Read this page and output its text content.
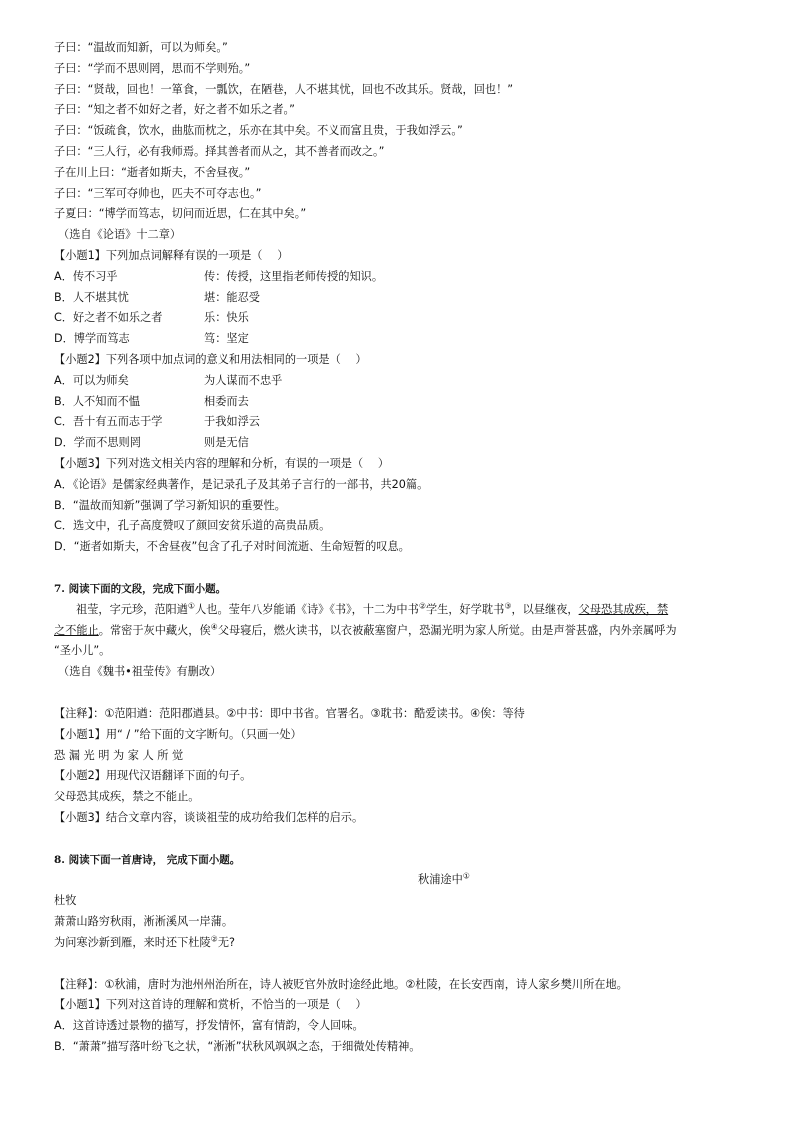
子曰：“温故而知新，可以为师矣。”
子曰：“学而不思则罔，思而不学则殆。”
子曰：“贤哉，回也！一箪食，一瓢饮，在陋巷，人不堪其忧，回也不改其乐。贤哉，回也！”
子曰：“知之者不如好之者，好之者不如乐之者。”
子曰：“饭疏食，饮水，曲肱而枕之，乐亦在其中矣。不义而富且贵，于我如浮云。”
子曰：“三人行，必有我师焉。择其善者而从之，其不善者而改之。”
子在川上曰：“逝者如斯夫，不舍昼夜。”
子曰：“三军可夺帅也，匹夫不可夺志也。”
子夏曰：“博学而笃志，切问而近思，仁在其中矣。”
（选自《论语》十二章）
【小题1】下列加点词解释有误的一项是（　 ）
A．传不习乎	传：传授，这里指老师传授的知识。
B．人不堪其忧	堪：能忍受
C．好之者不如乐之者	乐：快乐
D．博学而笃志	笃：坚定
【小题2】下列各项中加点词的意义和用法相同的一项是（　 ）
A．可以为师矣	为人谋而不忠乎
B．人不知而不愠	相委而去
C．吾十有五而志于学	于我如浮云
D．学而不思则罔	则是无信
【小题3】下列对选文相关内容的理解和分析，有误的一项是（　 ）
A．《论语》是儒家经典著作，是记录孔子及其弟子言行的一部书，共20篇。
B．“温故而知新”强调了学习新知识的重要性。
C．选文中，孔子高度赞叹了颜回安贫乐道的高贵品质。
D．“逝者如斯夫，不舍昼夜”包含了孔子对时间流逝、生命短暂的叹息。
7. 阅读下面的文段，完成下面小题。
祖莹，字元珍，范阳遒①人也。莹年八岁能诵《诗》《书》，十二为中书②学生，好学耽书③，以昼继夜，父母恐其成疾，禁
之不能止。常密于灰中藏火，俟④父母寝后，燃火读书，以衣被蔽塞窗户，恐漏光明为家人所觉。由是声誉甚盛，内外亲属呼为
“圣小儿”。
（选自《魏书•祖莹传》有删改）
【注释】：①范阳遒：范阳郡遒县。②中书：即中书省。官署名。③耽书：酷爱读书。④俟：等待
【小题1】用“ / ”给下面的文字断句。（只画一处）
恐 漏 光 明 为 家 人 所 觉
【小题2】用现代汉语翻译下面的句子。
父母恐其成疾，禁之不能止。
【小题3】结合文章内容，谈谈祖莹的成功给我们怎样的启示。
8. 阅读下面一首唐诗， 完成下面小题。
秋浦途中①
杜牧
萧萧山路穷秋雨，淅淅溪风一岸蒲。
为问寒沙新到雁，来时还下杜陵②无?
【注释】：①秋浦，唐时为池州州治所在，诗人被贬官外放时途经此地。②杜陵，在长安西南，诗人家乡樊川所在地。
【小题1】下列对这首诗的理解和赏析，不恰当的一项是（　 ）
A．这首诗透过景物的描写，抒发情怀，富有情韵，令人回味。
B．“萧萧”描写落叶纷飞之状，“淅淅”状秋风飒飒之态，于细微处传精神。
